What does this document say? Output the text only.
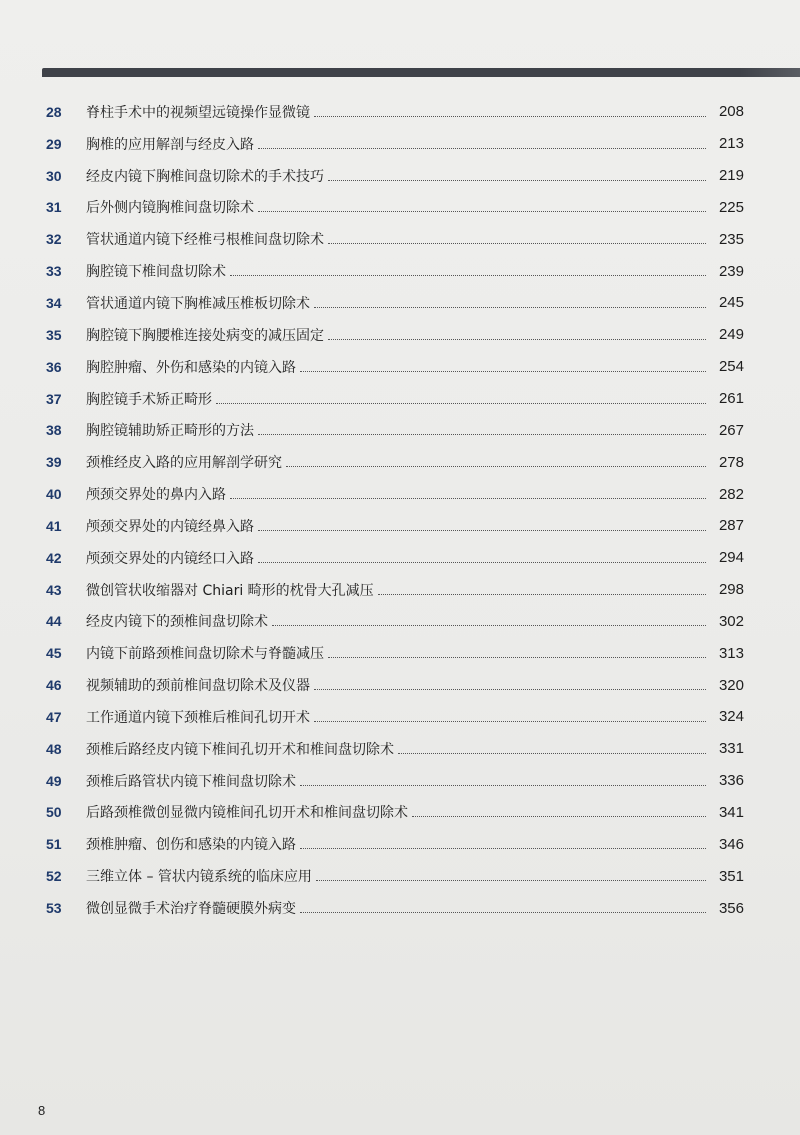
28	脊柱手术中的视频望远镜操作显微镜	208
29	胸椎的应用解剖与经皮入路	213
30	经皮内镜下胸椎间盘切除术的手术技巧	219
31	后外侧内镜胸椎间盘切除术	225
32	管状通道内镜下经椎弓根椎间盘切除术	235
33	胸腔镜下椎间盘切除术	239
34	管状通道内镜下胸椎减压椎板切除术	245
35	胸腔镜下胸腰椎连接处病变的减压固定	249
36	胸腔肿瘤、外伤和感染的内镜入路	254
37	胸腔镜手术矫正畸形	261
38	胸腔镜辅助矫正畸形的方法	267
39	颈椎经皮入路的应用解剖学研究	278
40	颅颈交界处的鼻内入路	282
41	颅颈交界处的内镜经鼻入路	287
42	颅颈交界处的内镜经口入路	294
43	微创管状收缩器对 Chiari 畸形的枕骨大孔减压	298
44	经皮内镜下的颈椎间盘切除术	302
45	内镜下前路颈椎间盘切除术与脊髓减压	313
46	视频辅助的颈前椎间盘切除术及仪器	320
47	工作通道内镜下颈椎后椎间孔切开术	324
48	颈椎后路经皮内镜下椎间孔切开术和椎间盘切除术	331
49	颈椎后路管状内镜下椎间盘切除术	336
50	后路颈椎微创显微内镜椎间孔切开术和椎间盘切除术	341
51	颈椎肿瘤、创伤和感染的内镜入路	346
52	三维立体 – 管状内镜系统的临床应用	351
53	微创显微手术治疗脊髓硬膜外病变	356
8
